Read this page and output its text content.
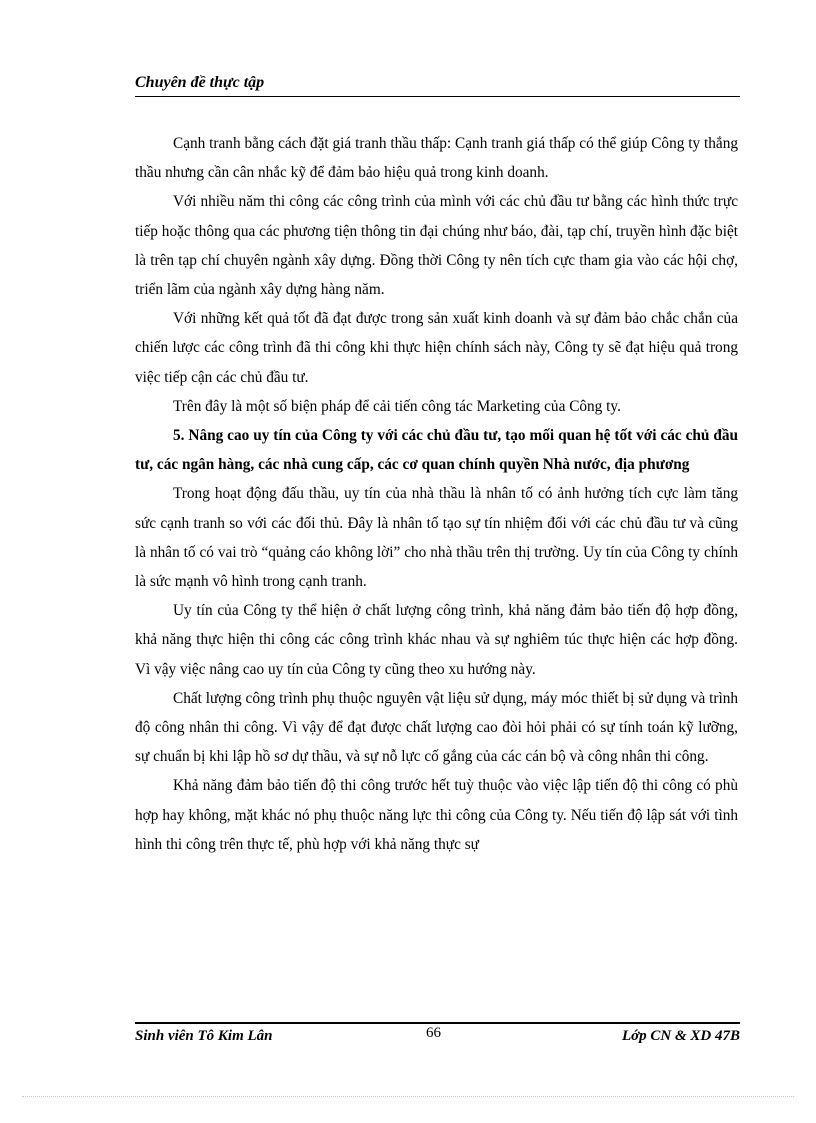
Chuyên đề thực tập

Cạnh tranh bằng cách đặt giá tranh thầu thấp: Cạnh tranh giá thấp có thể giúp Công ty thắng thầu nhưng cần cân nhắc kỹ để đảm bảo hiệu quả trong kinh doanh.

Với nhiều năm thi công các công trình của mình với các chủ đầu tư bằng các hình thức trực tiếp hoặc thông qua các phương tiện thông tin đại chúng như báo, đài, tạp chí, truyền hình đặc biệt là trên tạp chí chuyên ngành xây dựng. Đồng thời Công ty nên tích cực tham gia vào các hội chợ, triển lãm của ngành xây dựng hàng năm.

Với những kết quả tốt đã đạt được trong sản xuất kinh doanh và sự đảm bảo chắc chắn của chiến lược các công trình đã thi công khi thực hiện chính sách này, Công ty sẽ đạt hiệu quả trong việc tiếp cận các chủ đầu tư.

Trên đây là một số biện pháp để cải tiến công tác Marketing của Công ty.

5. Nâng cao uy tín của Công ty với các chủ đầu tư, tạo mối quan hệ tốt với các chủ đầu tư, các ngân hàng, các nhà cung cấp, các cơ quan chính quyền Nhà nước, địa phương

Trong hoạt động đấu thầu, uy tín của nhà thầu là nhân tố có ảnh hưởng tích cực làm tăng sức cạnh tranh so với các đối thủ. Đây là nhân tố tạo sự tín nhiệm đối với các chủ đầu tư và cũng là nhân tố có vai trò “quảng cáo không lời” cho nhà thầu trên thị trường. Uy tín của Công ty chính là sức mạnh vô hình trong cạnh tranh.

Uy tín của Công ty thể hiện ở chất lượng công trình, khả năng đảm bảo tiến độ hợp đồng, khả năng thực hiện thi công các công trình khác nhau và sự nghiêm túc thực hiện các hợp đồng. Vì vậy việc nâng cao uy tín của Công ty cũng theo xu hướng này.

Chất lượng công trình phụ thuộc nguyên vật liệu sử dụng, máy móc thiết bị sử dụng và trình độ công nhân thi công. Vì vậy để đạt được chất lượng cao đòi hỏi phải có sự tính toán kỹ lưỡng, sự chuẩn bị khi lập hồ sơ dự thầu, và sự nỗ lực cố gắng của các cán bộ và công nhân thi công.

Khả năng đảm bảo tiến độ thi công trước hết tuỳ thuộc vào việc lập tiến độ thi công có phù hợp hay không, mặt khác nó phụ thuộc năng lực thi công của Công ty. Nếu tiến độ lập sát với tình hình thi công trên thực tế, phù hợp với khả năng thực sự

Sinh viên Tô Kim Lân	66	Lớp CN & XD 47B
